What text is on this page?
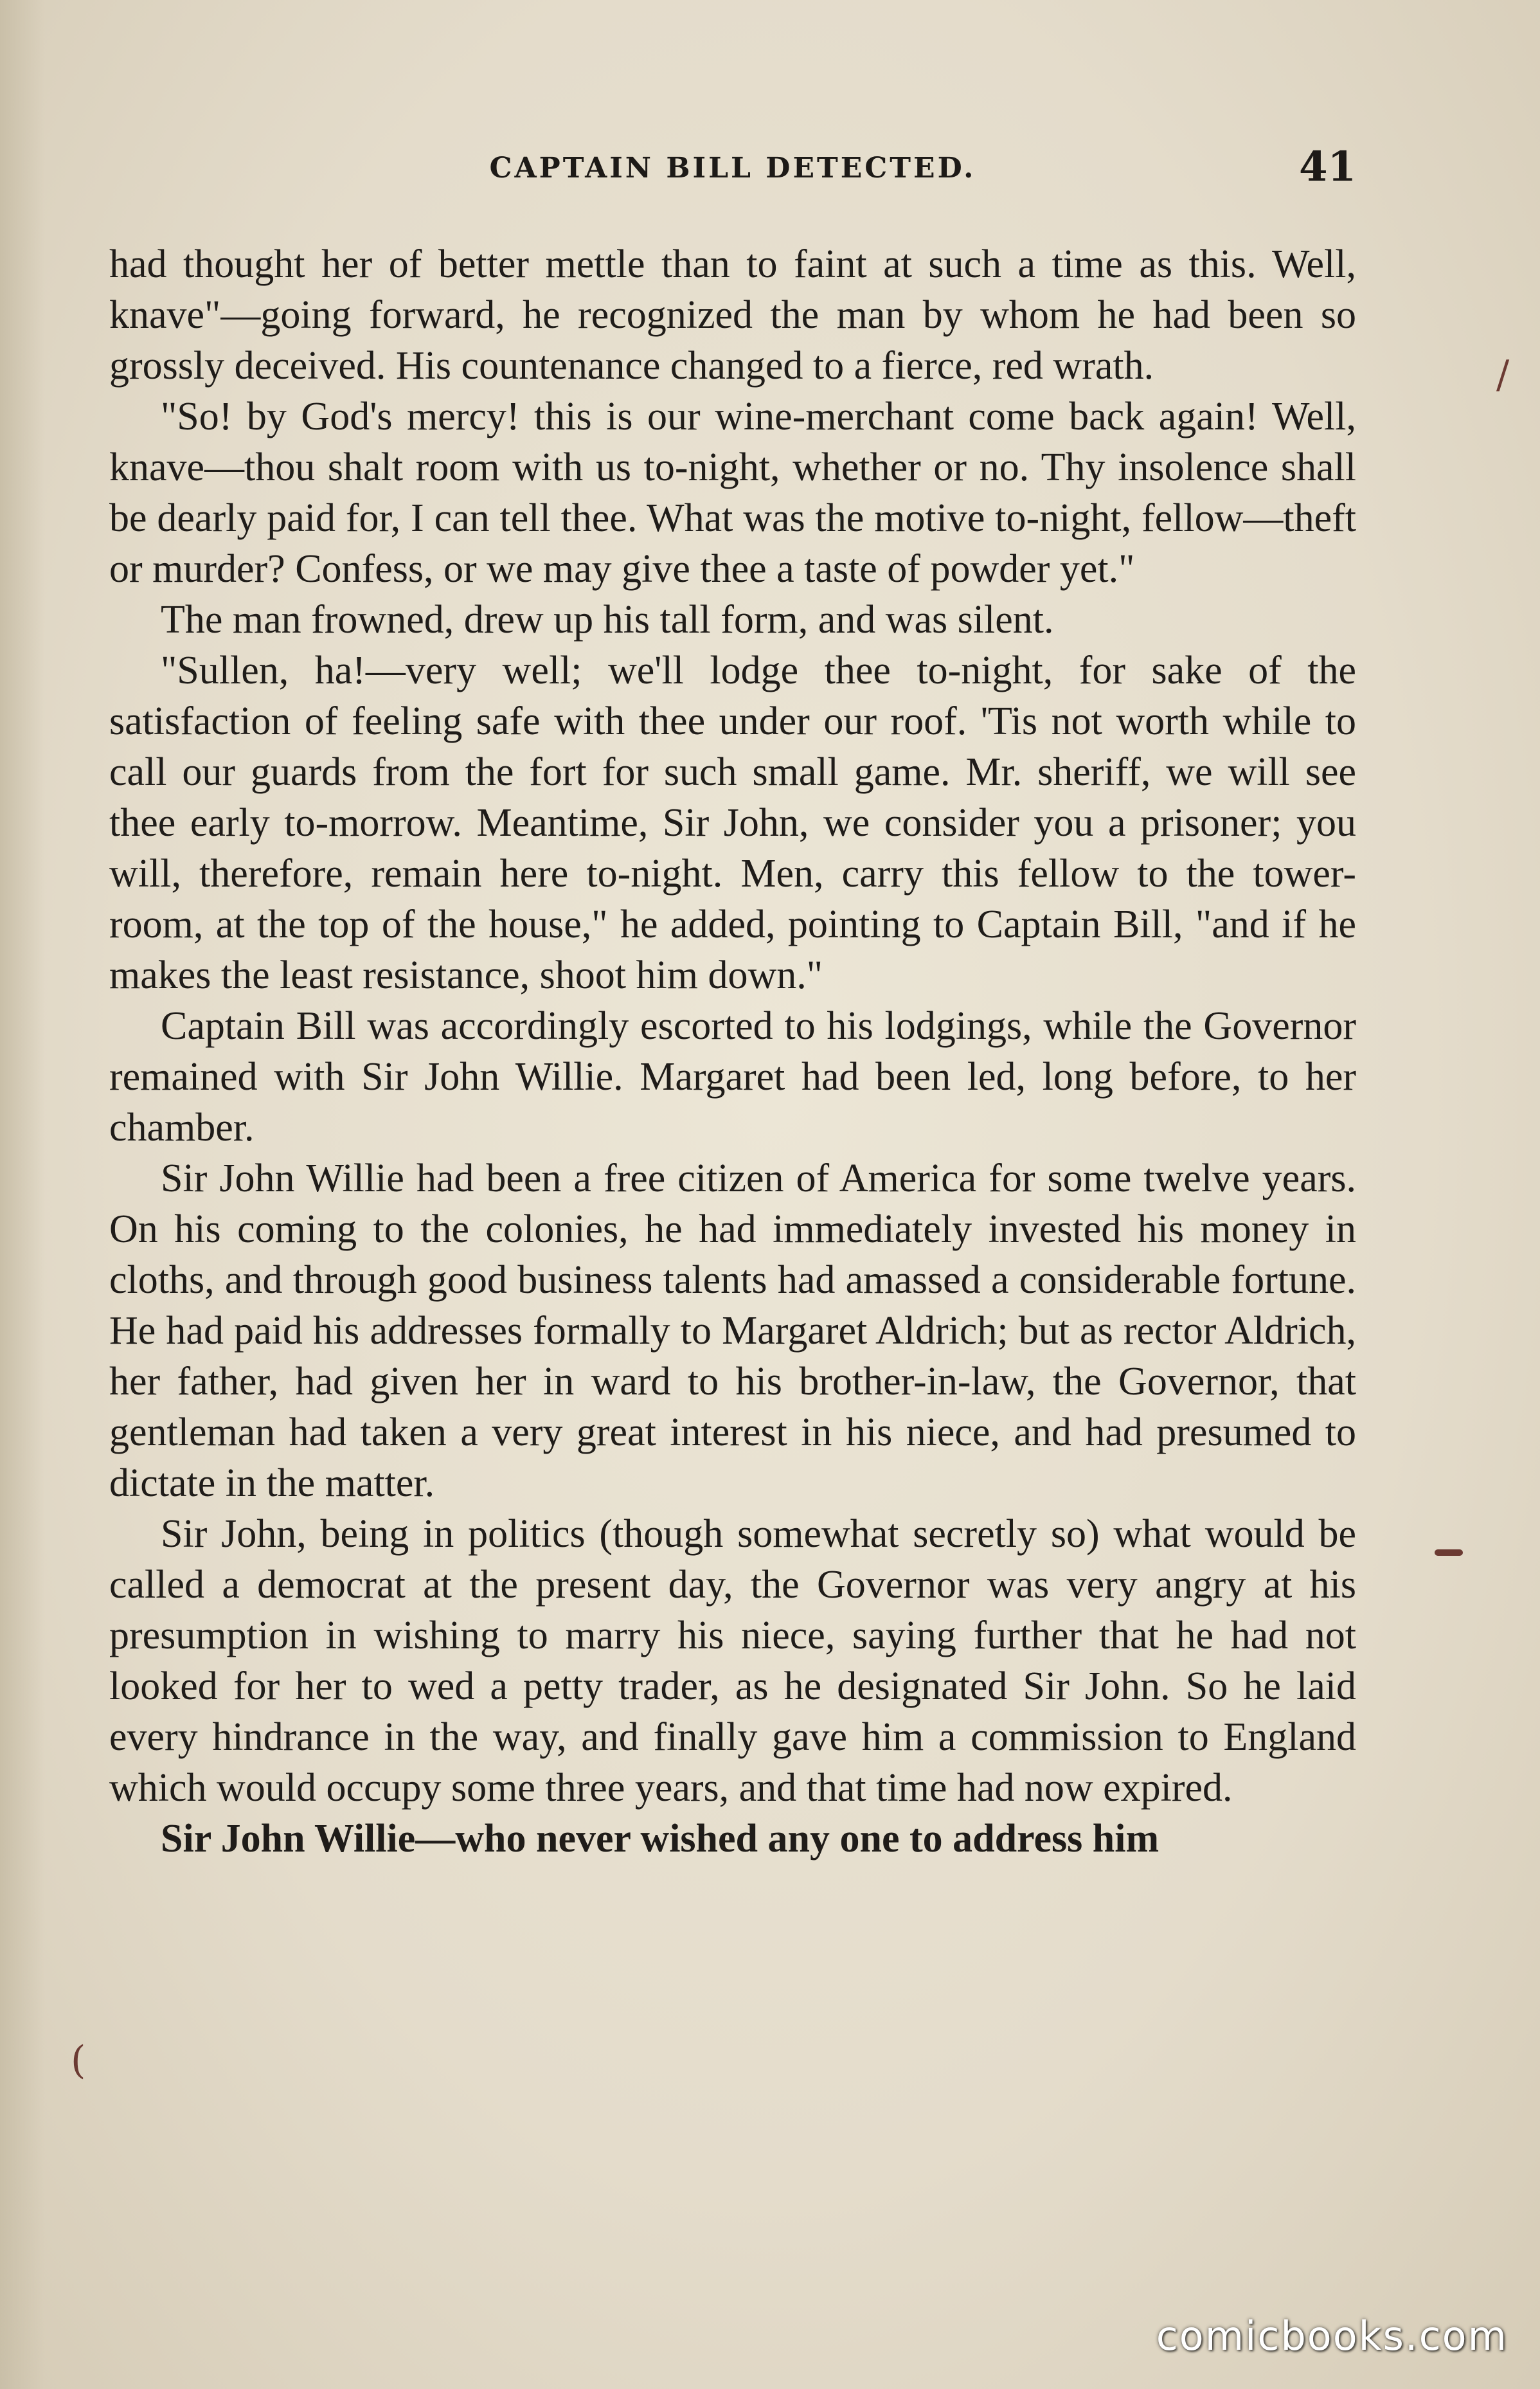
CAPTAIN BILL DETECTED.	41

had thought her of better mettle than to faint at such a time as this. Well, knave"—going forward, he recognized the man by whom he had been so grossly deceived. His countenance changed to a fierce, red wrath.

"So! by God's mercy! this is our wine-merchant come back again! Well, knave—thou shalt room with us to-night, whether or no. Thy insolence shall be dearly paid for, I can tell thee. What was the motive to-night, fellow—theft or murder? Confess, or we may give thee a taste of powder yet."

The man frowned, drew up his tall form, and was silent.

"Sullen, ha!—very well; we'll lodge thee to-night, for sake of the satisfaction of feeling safe with thee under our roof. 'Tis not worth while to call our guards from the fort for such small game. Mr. sheriff, we will see thee early to-morrow. Meantime, Sir John, we consider you a prisoner; you will, therefore, remain here to-night. Men, carry this fellow to the tower-room, at the top of the house," he added, pointing to Captain Bill, "and if he makes the least resistance, shoot him down."

Captain Bill was accordingly escorted to his lodgings, while the Governor remained with Sir John Willie. Margaret had been led, long before, to her chamber.

Sir John Willie had been a free citizen of America for some twelve years. On his coming to the colonies, he had immediately invested his money in cloths, and through good business talents had amassed a considerable fortune. He had paid his addresses formally to Margaret Aldrich; but as rector Aldrich, her father, had given her in ward to his brother-in-law, the Governor, that gentleman had taken a very great interest in his niece, and had presumed to dictate in the matter.

Sir John, being in politics (though somewhat secretly so) what would be called a democrat at the present day, the Governor was very angry at his presumption in wishing to marry his niece, saying further that he had not looked for her to wed a petty trader, as he designated Sir John. So he laid every hindrance in the way, and finally gave him a commission to England which would occupy some three years, and that time had now expired.

Sir John Willie—who never wished any one to address him

/
(
comicbooks.com
